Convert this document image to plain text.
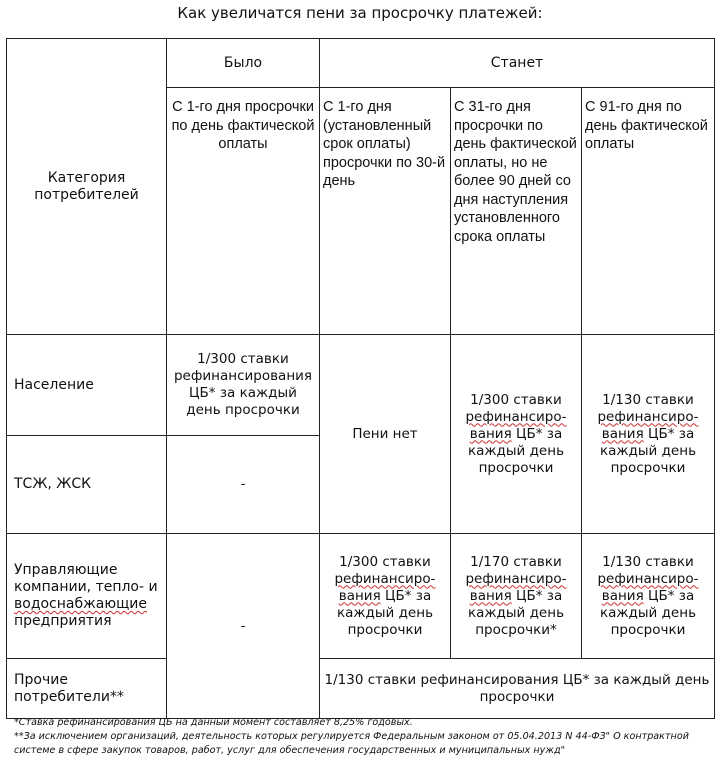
Как увеличатся пени за просрочку платежей:
Категория потребителей	Было	Станет		
	С 1-го дня просрочки по день фактической оплаты	С 1-го дня (установленный срок оплаты) просрочки по 30-й день	С 31-го дня просрочки по день фактической оплаты, но не более 90 дней со дня наступления установленного срока оплаты	С 91-го дня по день фактической оплаты
Население	1/300 ставки рефинансирования ЦБ* за каждый день просрочки	Пени нет	1/300 ставки рефинансиро-вания ЦБ* за каждый день просрочки	1/130 ставки рефинансиро-вания ЦБ* за каждый день просрочки
ТСЖ, ЖСК	-			
Управляющие компании, тепло- и водоснабжающие предприятия	-	1/300 ставки рефинансиро-вания ЦБ* за каждый день просрочки	1/170 ставки рефинансиро-вания ЦБ* за каждый день просрочки*	1/130 ставки рефинансиро-вания ЦБ* за каждый день просрочки
Прочие потребители**		1/130 ставки рефинансирования ЦБ* за каждый день просрочки		

*Ставка рефинансирования ЦБ на данный момент составляет 8,25% годовых.

**За исключением организаций, деятельность которых регулируется Федеральным законом от 05.04.2013 N 44-ФЗ" О контрактной системе в сфере закупок товаров, работ, услуг для обеспечения государственных и муниципальных нужд"
